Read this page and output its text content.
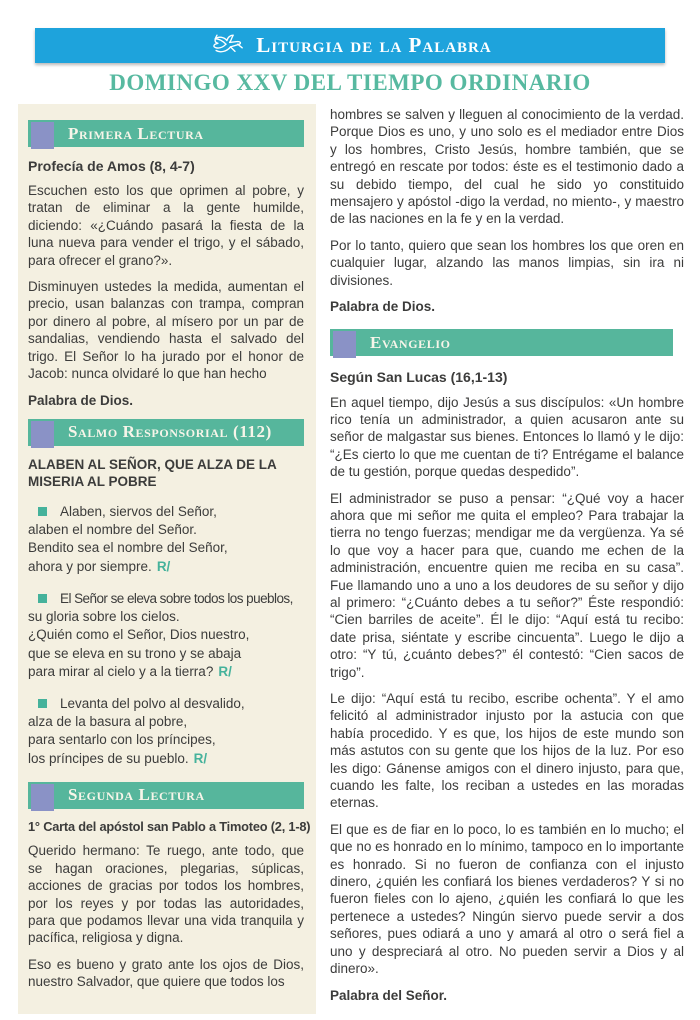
Liturgia de la Palabra
DOMINGO XXV DEL TIEMPO ORDINARIO
Primera Lectura

Profecía de Amos (8, 4-7)

Escuchen esto los que oprimen al pobre, y tratan de eliminar a la gente humilde, diciendo: «¿Cuándo pasará la fiesta de la luna nueva para vender el trigo, y el sábado, para ofrecer el grano?».

Disminuyen ustedes la medida, aumentan el precio, usan balanzas con trampa, compran por dinero al pobre, al mísero por un par de sandalias, vendiendo hasta el salvado del trigo. El Señor lo ha jurado por el honor de Jacob: nunca olvidaré lo que han hecho

Palabra de Dios.

Salmo Responsorial (112)

ALABEN AL SEÑOR, QUE ALZA DE LA MISERIA AL POBRE

Alaben, siervos del Señor,
alaben el nombre del Señor.
Bendito sea el nombre del Señor,
ahora y por siempre. R/
El Señor se eleva sobre todos los pueblos,
su gloria sobre los cielos.
¿Quién como el Señor, Dios nuestro,
que se eleva en su trono y se abaja
para mirar al cielo y a la tierra? R/
Levanta del polvo al desvalido,
alza de la basura al pobre,
para sentarlo con los príncipes,
los príncipes de su pueblo. R/
Segunda Lectura

1° Carta del apóstol san Pablo a Timoteo (2, 1-8)

Querido hermano: Te ruego, ante todo, que se hagan oraciones, plegarias, súplicas, acciones de gracias por todos los hombres, por los reyes y por todas las autoridades, para que podamos llevar una vida tranquila y pacífica, religiosa y digna.

Eso es bueno y grato ante los ojos de Dios, nuestro Salvador, que quiere que todos los

hombres se salven y lleguen al conocimiento de la verdad. Porque Dios es uno, y uno solo es el mediador entre Dios y los hombres, Cristo Jesús, hombre también, que se entregó en rescate por todos: éste es el testimonio dado a su debido tiempo, del cual he sido yo constituido mensajero y apóstol -digo la verdad, no miento-, y maestro de las naciones en la fe y en la verdad.

Por lo tanto, quiero que sean los hombres los que oren en cualquier lugar, alzando las manos limpias, sin ira ni divisiones.

Palabra de Dios.

Evangelio

Según San Lucas (16,1-13)

En aquel tiempo, dijo Jesús a sus discípulos: «Un hombre rico tenía un administrador, a quien acusaron ante su señor de malgastar sus bienes. Entonces lo llamó y le dijo: “¿Es cierto lo que me cuentan de ti? Entrégame el balance de tu gestión, porque quedas despedido”.

El administrador se puso a pensar: “¿Qué voy a hacer ahora que mi señor me quita el empleo? Para trabajar la tierra no tengo fuerzas; mendigar me da vergüenza. Ya sé lo que voy a hacer para que, cuando me echen de la administración, encuentre quien me reciba en su casa”. Fue llamando uno a uno a los deudores de su señor y dijo al primero: “¿Cuánto debes a tu señor?” Éste respondió: “Cien barriles de aceite”. Él le dijo: “Aquí está tu recibo: date prisa, siéntate y escribe cincuenta”. Luego le dijo a otro: “Y tú, ¿cuánto debes?” él contestó: “Cien sacos de trigo”.

Le dijo: “Aquí está tu recibo, escribe ochenta”. Y el amo felicitó al administrador injusto por la astucia con que había procedido. Y es que, los hijos de este mundo son más astutos con su gente que los hijos de la luz. Por eso les digo: Gánense amigos con el dinero injusto, para que, cuando les falte, los reciban a ustedes en las moradas eternas.

El que es de fiar en lo poco, lo es también en lo mucho; el que no es honrado en lo mínimo, tampoco en lo importante es honrado. Si no fueron de confianza con el injusto dinero, ¿quién les confiará los bienes verdaderos? Y si no fueron fieles con lo ajeno, ¿quién les confiará lo que les pertenece a ustedes? Ningún siervo puede servir a dos señores, pues odiará a uno y amará al otro o será fiel a uno y despreciará al otro. No pueden servir a Dios y al dinero».

Palabra del Señor.
